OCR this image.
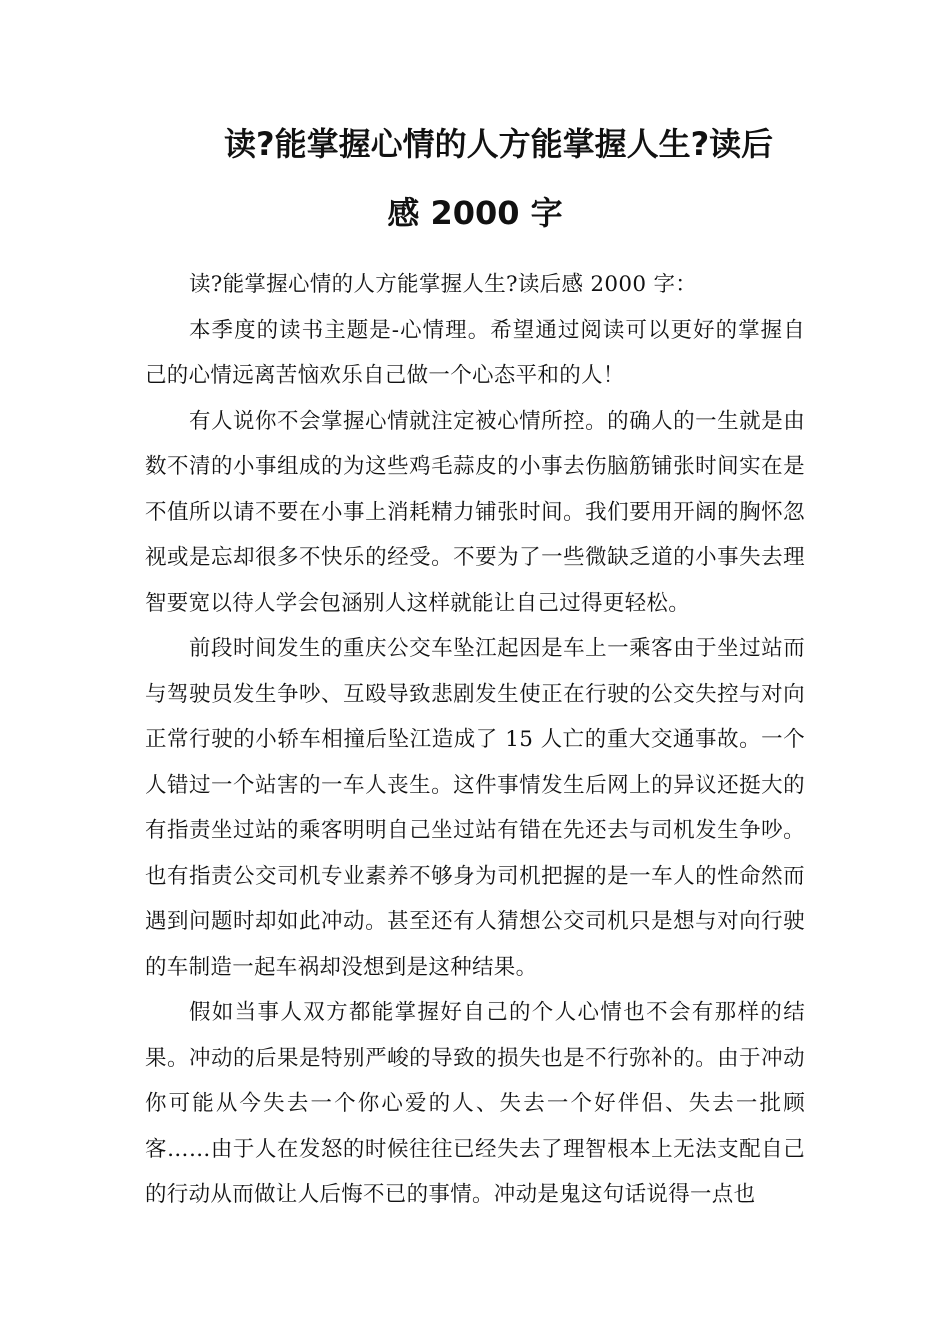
读?能掌握心情的人方能掌握人生?读后
感 2000 字

读?能掌握心情的人方能掌握人生?读后感 2000 字：

本季度的读书主题是-心情理。希望通过阅读可以更好的掌握自己的心情远离苦恼欢乐自己做一个心态平和的人！

有人说你不会掌握心情就注定被心情所控。的确人的一生就是由数不清的小事组成的为这些鸡毛蒜皮的小事去伤脑筋铺张时间实在是不值所以请不要在小事上消耗精力铺张时间。我们要用开阔的胸怀忽视或是忘却很多不快乐的经受。不要为了一些微缺乏道的小事失去理智要宽以待人学会包涵别人这样就能让自己过得更轻松。

前段时间发生的重庆公交车坠江起因是车上一乘客由于坐过站而与驾驶员发生争吵、互殴导致悲剧发生使正在行驶的公交失控与对向正常行驶的小轿车相撞后坠江造成了 15 人亡的重大交通事故。一个人错过一个站害的一车人丧生。这件事情发生后网上的异议还挺大的有指责坐过站的乘客明明自己坐过站有错在先还去与司机发生争吵。也有指责公交司机专业素养不够身为司机把握的是一车人的性命然而遇到问题时却如此冲动。甚至还有人猜想公交司机只是想与对向行驶的车制造一起车祸却没想到是这种结果。

假如当事人双方都能掌握好自己的个人心情也不会有那样的结果。冲动的后果是特别严峻的导致的损失也是不行弥补的。由于冲动你可能从今失去一个你心爱的人、失去一个好伴侣、失去一批顾客……由于人在发怒的时候往往已经失去了理智根本上无法支配自己的行动从而做让人后悔不已的事情。冲动是鬼这句话说得一点也
